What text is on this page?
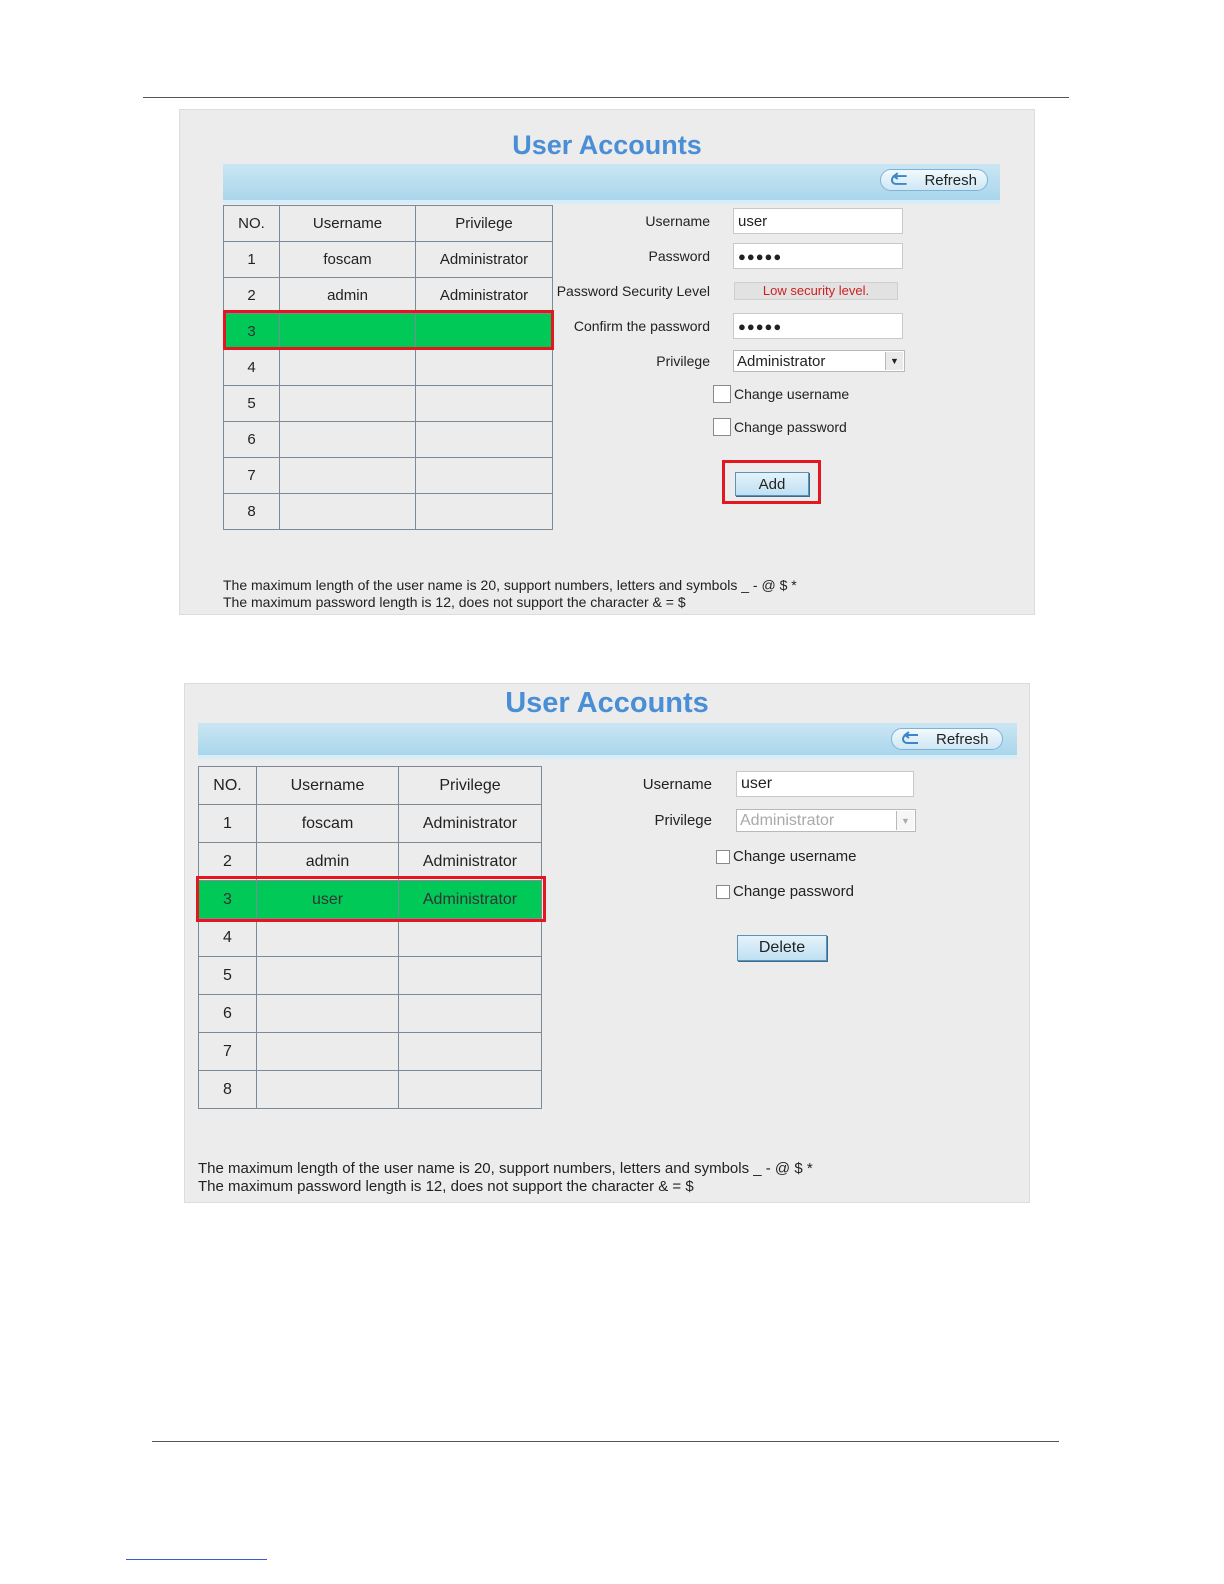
User Accounts
Refresh
NO.	Username	Privilege
1	foscam	Administrator
2	admin	Administrator
3		
4		
5		
6		
7		
8		
Username	user
Password	●●●●●
Password Security Level	Low security level.
Confirm the password	●●●●●
Privilege Administrator	▼
Change username
Change password
Add
The maximum length of the user name is 20, support numbers, letters and symbols _ - @ $ *
The maximum password length is 12, does not support the character & = $
User Accounts
Refresh
NO.	Username	Privilege
1	foscam	Administrator
2	admin	Administrator
3	user	Administrator
4		
5		
6		
7		
8		
Username	user
Privilege Administrator	▼
Change username
Change password
Delete
The maximum length of the user name is 20, support numbers, letters and symbols _ - @ $ *
The maximum password length is 12, does not support the character & = $
